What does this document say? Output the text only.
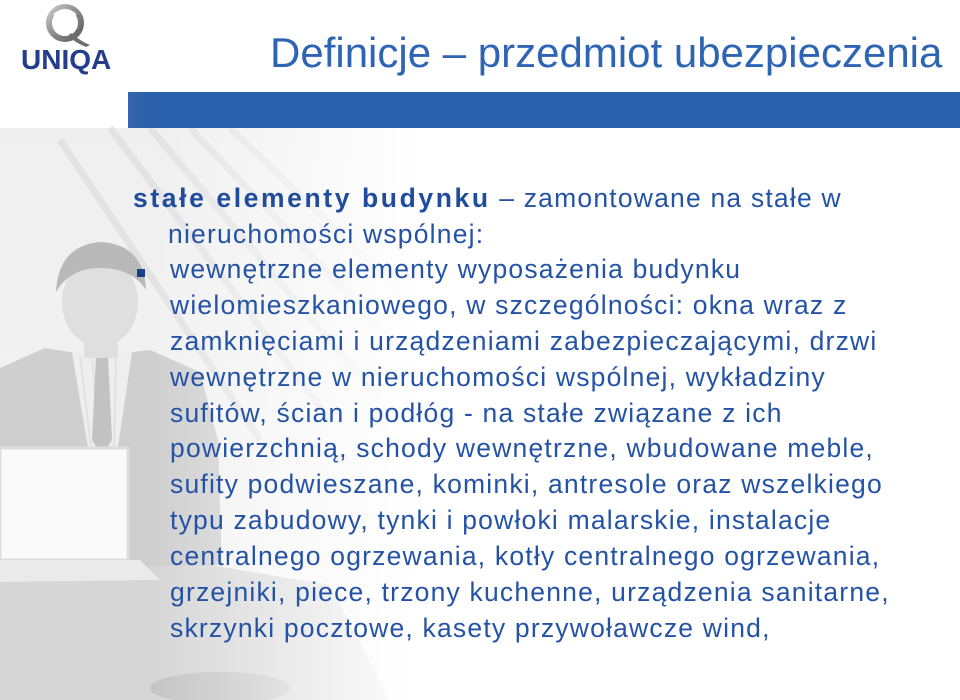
UNIQA	Definicje – przedmiot ubezpieczenia
stałe elementy budynku – zamontowane na stałe w
nieruchomości wspólnej:
wewnętrzne elementy wyposażenia budynku
wielomieszkaniowego, w szczególności: okna wraz z
zamknięciami i urządzeniami zabezpieczającymi, drzwi
wewnętrzne w nieruchomości wspólnej, wykładziny
sufitów, ścian i podłóg - na stałe związane z ich
powierzchnią, schody wewnętrzne, wbudowane meble,
sufity podwieszane, kominki, antresole oraz wszelkiego
typu zabudowy, tynki i powłoki malarskie, instalacje
centralnego ogrzewania, kotły centralnego ogrzewania,
grzejniki, piece, trzony kuchenne, urządzenia sanitarne,
skrzynki pocztowe, kasety przywoławcze wind,
